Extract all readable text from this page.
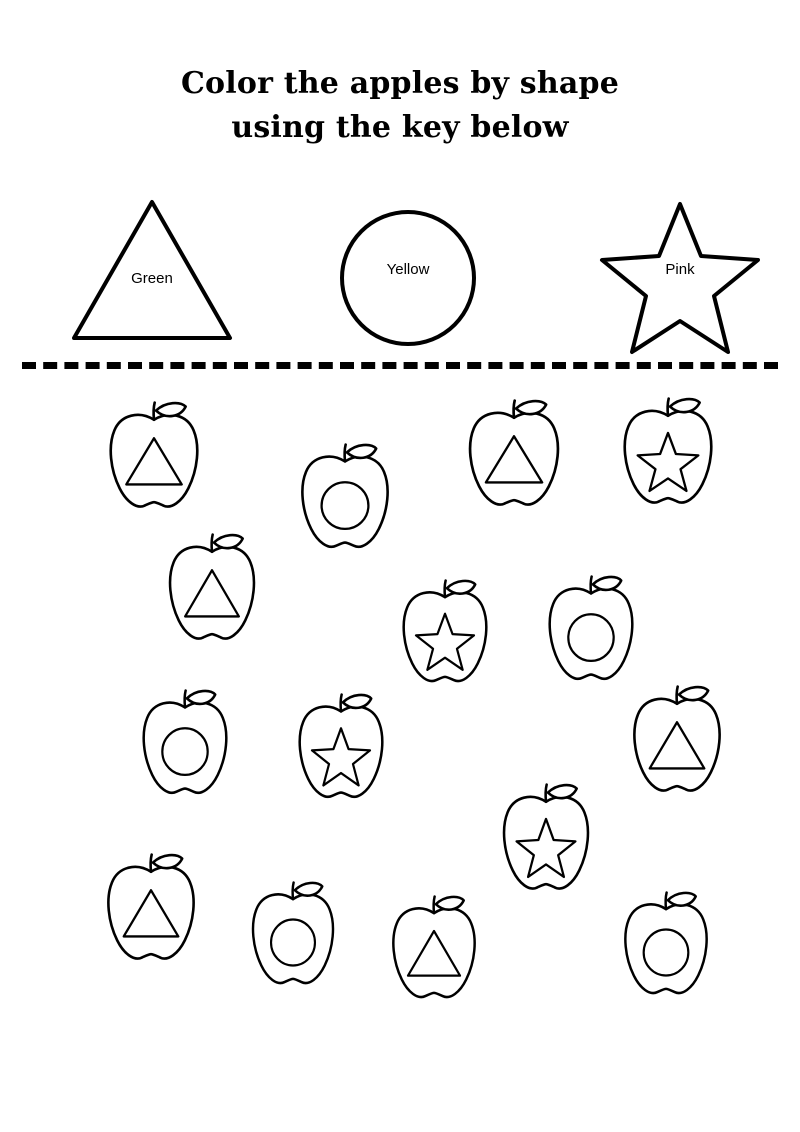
Color the apples by shape
using the key below
Green
Yellow	Pink
